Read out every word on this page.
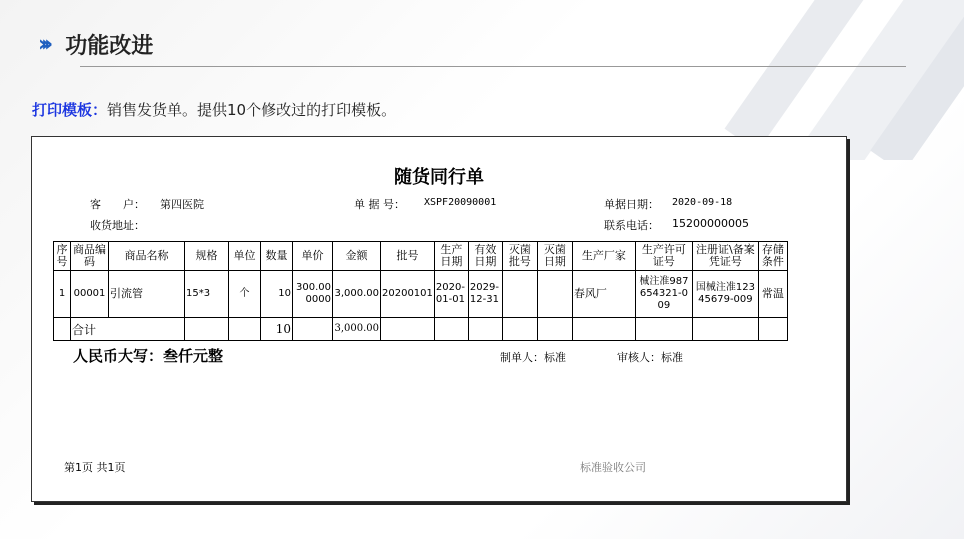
››› 功能改进
打印模板：销售发货单。提供10个修改过的打印模板。
随货同行单
客　　户： 第四医院
收货地址：
单 据 号： XSPF20090001	单据日期： 2020-09-18
联系电话： 15200000005
序号	商品编码	商品名称	规格	单位	数量	单价	金额	批号	生产日期	有效日期	灭菌批号	灭菌日期	生产厂家	生产许可证号	注册证\备案凭证号	存储条件
1	00001	引流管	15*3	个	10	300.000000	3,000.00	20200101	2020-01-01	2029-12-31			春风厂	械注准987654321-009	国械注准12345679-009	常温
	合计				10		3,000.00									
人民币大写：叁仟元整	制单人：标准	审核人：标准
第1页 共1页	标准验收公司
